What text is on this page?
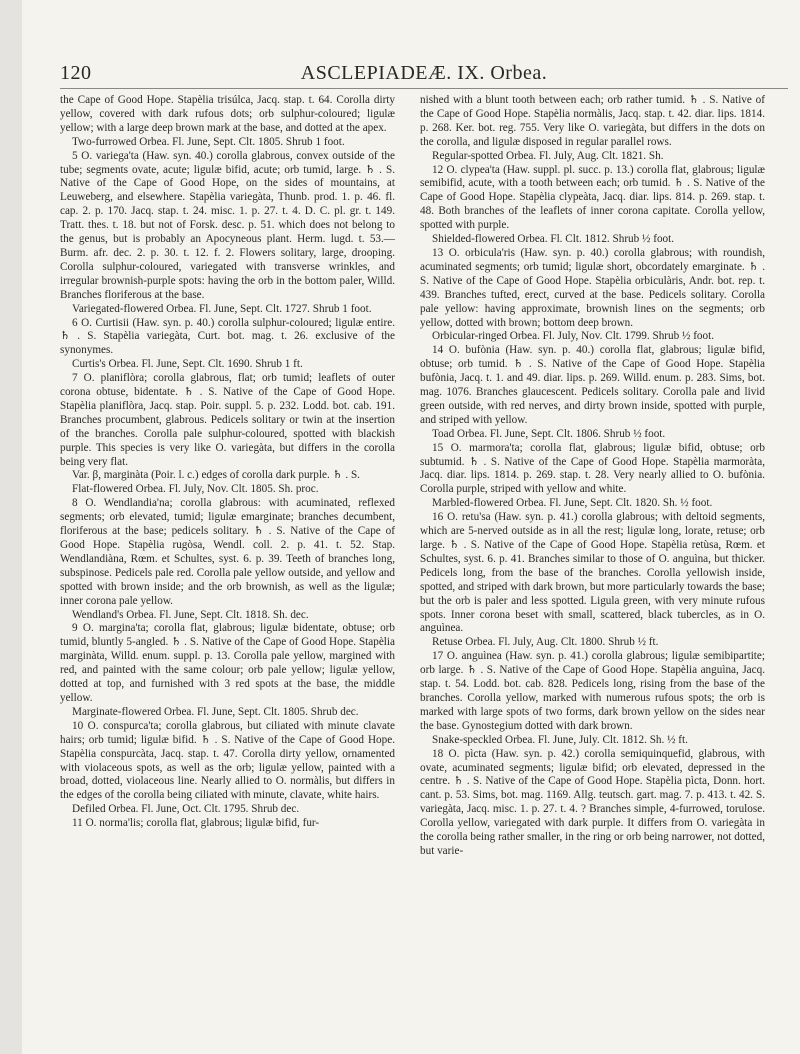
120	ASCLEPIADEÆ. IX. Orbea.

the Cape of Good Hope. Stapèlia trisúlca, Jacq. stap. t. 64. Corolla dirty yellow, covered with dark rufous dots; orb sulphur-coloured; ligulæ yellow; with a large deep brown mark at the base, and dotted at the apex.

Two-furrowed Orbea. Fl. June, Sept. Clt. 1805. Shrub 1 foot.

5 O. variega'ta (Haw. syn. 40.) corolla glabrous, convex outside of the tube; segments ovate, acute; ligulæ bifid, acute; orb tumid, large. ♄ . S. Native of the Cape of Good Hope, on the sides of mountains, at Leuweberg, and elsewhere. Stapèlia variegàta, Thunb. prod. 1. p. 46. fl. cap. 2. p. 170. Jacq. stap. t. 24. misc. 1. p. 27. t. 4. D. C. pl. gr. t. 149. Tratt. thes. t. 18. but not of Forsk. desc. p. 51. which does not belong to the genus, but is probably an Apocyneous plant. Herm. lugd. t. 53.—Burm. afr. dec. 2. p. 30. t. 12. f. 2. Flowers solitary, large, drooping. Corolla sulphur-coloured, variegated with transverse wrinkles, and irregular brownish-purple spots: having the orb in the bottom paler, Willd. Branches floriferous at the base.

Variegated-flowered Orbea. Fl. June, Sept. Clt. 1727. Shrub 1 foot.

6 O. Curtisii (Haw. syn. p. 40.) corolla sulphur-coloured; ligulæ entire. ♄ . S. Stapèlia variegàta, Curt. bot. mag. t. 26. exclusive of the synonymes.

Curtis's Orbea. Fl. June, Sept. Clt. 1690. Shrub 1 ft.

7 O. planiflòra; corolla glabrous, flat; orb tumid; leaflets of outer corona obtuse, bidentate. ♄ . S. Native of the Cape of Good Hope. Stapèlia planiflòra, Jacq. stap. Poir. suppl. 5. p. 232. Lodd. bot. cab. 191. Branches procumbent, glabrous. Pedicels solitary or twin at the insertion of the branches. Corolla pale sulphur-coloured, spotted with blackish purple. This species is very like O. variegàta, but differs in the corolla being very flat.

Var. β, marginàta (Poir. l. c.) edges of corolla dark purple. ♄ . S.

Flat-flowered Orbea. Fl. July, Nov. Clt. 1805. Sh. proc.

8 O. Wendlandia'na; corolla glabrous: with acuminated, reflexed segments; orb elevated, tumid; ligulæ emarginate; branches decumbent, floriferous at the base; pedicels solitary. ♄ . S. Native of the Cape of Good Hope. Stapèlia rugòsa, Wendl. coll. 2. p. 41. t. 52. Stap. Wendlandiàna, Rœm. et Schultes, syst. 6. p. 39. Teeth of branches long, subspinose. Pedicels pale red. Corolla pale yellow outside, and yellow and spotted with brown inside; and the orb brownish, as well as the ligulæ; inner corona pale yellow.

Wendland's Orbea. Fl. June, Sept. Clt. 1818. Sh. dec.

9 O. margina'ta; corolla flat, glabrous; ligulæ bidentate, obtuse; orb tumid, bluntly 5-angled. ♄ . S. Native of the Cape of Good Hope. Stapèlia marginàta, Willd. enum. suppl. p. 13. Corolla pale yellow, margined with red, and painted with the same colour; orb pale yellow; ligulæ yellow, dotted at top, and furnished with 3 red spots at the base, the middle yellow.

Marginate-flowered Orbea. Fl. June, Sept. Clt. 1805. Shrub dec.

10 O. conspurca'ta; corolla glabrous, but ciliated with minute clavate hairs; orb tumid; ligulæ bifid. ♄ . S. Native of the Cape of Good Hope. Stapèlia conspurcàta, Jacq. stap. t. 47. Corolla dirty yellow, ornamented with violaceous spots, as well as the orb; ligulæ yellow, painted with a broad, dotted, violaceous line. Nearly allied to O. normàlis, but differs in the edges of the corolla being ciliated with minute, clavate, white hairs.

Defiled Orbea. Fl. June, Oct. Clt. 1795. Shrub dec.

11 O. norma'lis; corolla flat, glabrous; ligulæ bifid, fur-

nished with a blunt tooth between each; orb rather tumid. ♄ . S. Native of the Cape of Good Hope. Stapèlia normàlis, Jacq. stap. t. 42. diar. lips. 1814. p. 268. Ker. bot. reg. 755. Very like O. variegàta, but differs in the dots on the corolla, and ligulæ disposed in regular parallel rows.

Regular-spotted Orbea. Fl. July, Aug. Clt. 1821. Sh.

12 O. clypea'ta (Haw. suppl. pl. succ. p. 13.) corolla flat, glabrous; ligulæ semibifid, acute, with a tooth between each; orb tumid. ♄ . S. Native of the Cape of Good Hope. Stapèlia clypeàta, Jacq. diar. lips. 814. p. 269. stap. t. 48. Both branches of the leaflets of inner corona capitate. Corolla yellow, spotted with purple.

Shielded-flowered Orbea. Fl. Clt. 1812. Shrub ½ foot.

13 O. orbicula'ris (Haw. syn. p. 40.) corolla glabrous; with roundish, acuminated segments; orb tumid; ligulæ short, obcordately emarginate. ♄ . S. Native of the Cape of Good Hope. Stapèlia orbiculàris, Andr. bot. rep. t. 439. Branches tufted, erect, curved at the base. Pedicels solitary. Corolla pale yellow: having approximate, brownish lines on the segments; orb yellow, dotted with brown; bottom deep brown.

Orbicular-ringed Orbea. Fl. July, Nov. Clt. 1799. Shrub ½ foot.

14 O. bufònia (Haw. syn. p. 40.) corolla flat, glabrous; ligulæ bifid, obtuse; orb tumid. ♄ . S. Native of the Cape of Good Hope. Stapèlia bufònia, Jacq. t. 1. and 49. diar. lips. p. 269. Willd. enum. p. 283. Sims, bot. mag. 1076. Branches glaucescent. Pedicels solitary. Corolla pale and livid green outside, with red nerves, and dirty brown inside, spotted with purple, and striped with yellow.

Toad Orbea. Fl. June, Sept. Clt. 1806. Shrub ½ foot.

15 O. marmora'ta; corolla flat, glabrous; ligulæ bifid, obtuse; orb subtumid. ♄ . S. Native of the Cape of Good Hope. Stapèlia marmoràta, Jacq. diar. lips. 1814. p. 269. stap. t. 28. Very nearly allied to O. bufònia. Corolla purple, striped with yellow and white.

Marbled-flowered Orbea. Fl. June, Sept. Clt. 1820. Sh. ½ foot.

16 O. retu'sa (Haw. syn. p. 41.) corolla glabrous; with deltoid segments, which are 5-nerved outside as in all the rest; ligulæ long, lorate, retuse; orb large. ♄ . S. Native of the Cape of Good Hope. Stapèlia retùsa, Rœm. et Schultes, syst. 6. p. 41. Branches similar to those of O. anguìna, but thicker. Pedicels long, from the base of the branches. Corolla yellowish inside, spotted, and striped with dark brown, but more particularly towards the base; but the orb is paler and less spotted. Ligula green, with very minute rufous spots. Inner corona beset with small, scattered, black tubercles, as in O. anguìnea.

Retuse Orbea. Fl. July, Aug. Clt. 1800. Shrub ½ ft.

17 O. anguìnea (Haw. syn. p. 41.) corolla glabrous; ligulæ semibipartite; orb large. ♄ . S. Native of the Cape of Good Hope. Stapèlia anguìna, Jacq. stap. t. 54. Lodd. bot. cab. 828. Pedicels long, rising from the base of the branches. Corolla yellow, marked with numerous rufous spots; the orb is marked with large spots of two forms, dark brown yellow on the sides near the base. Gynostegium dotted with dark brown.

Snake-speckled Orbea. Fl. June, July. Clt. 1812. Sh. ½ ft.

18 O. pìcta (Haw. syn. p. 42.) corolla semiquinquefid, glabrous, with ovate, acuminated segments; ligulæ bifid; orb elevated, depressed in the centre. ♄ . S. Native of the Cape of Good Hope. Stapèlia pìcta, Donn. hort. cant. p. 53. Sims, bot. mag. 1169. Allg. teutsch. gart. mag. 7. p. 413. t. 42. S. variegàta, Jacq. misc. 1. p. 27. t. 4. ? Branches simple, 4-furrowed, torulose. Corolla yellow, variegated with dark purple. It differs from O. variegàta in the corolla being rather smaller, in the ring or orb being narrower, not dotted, but varie-
